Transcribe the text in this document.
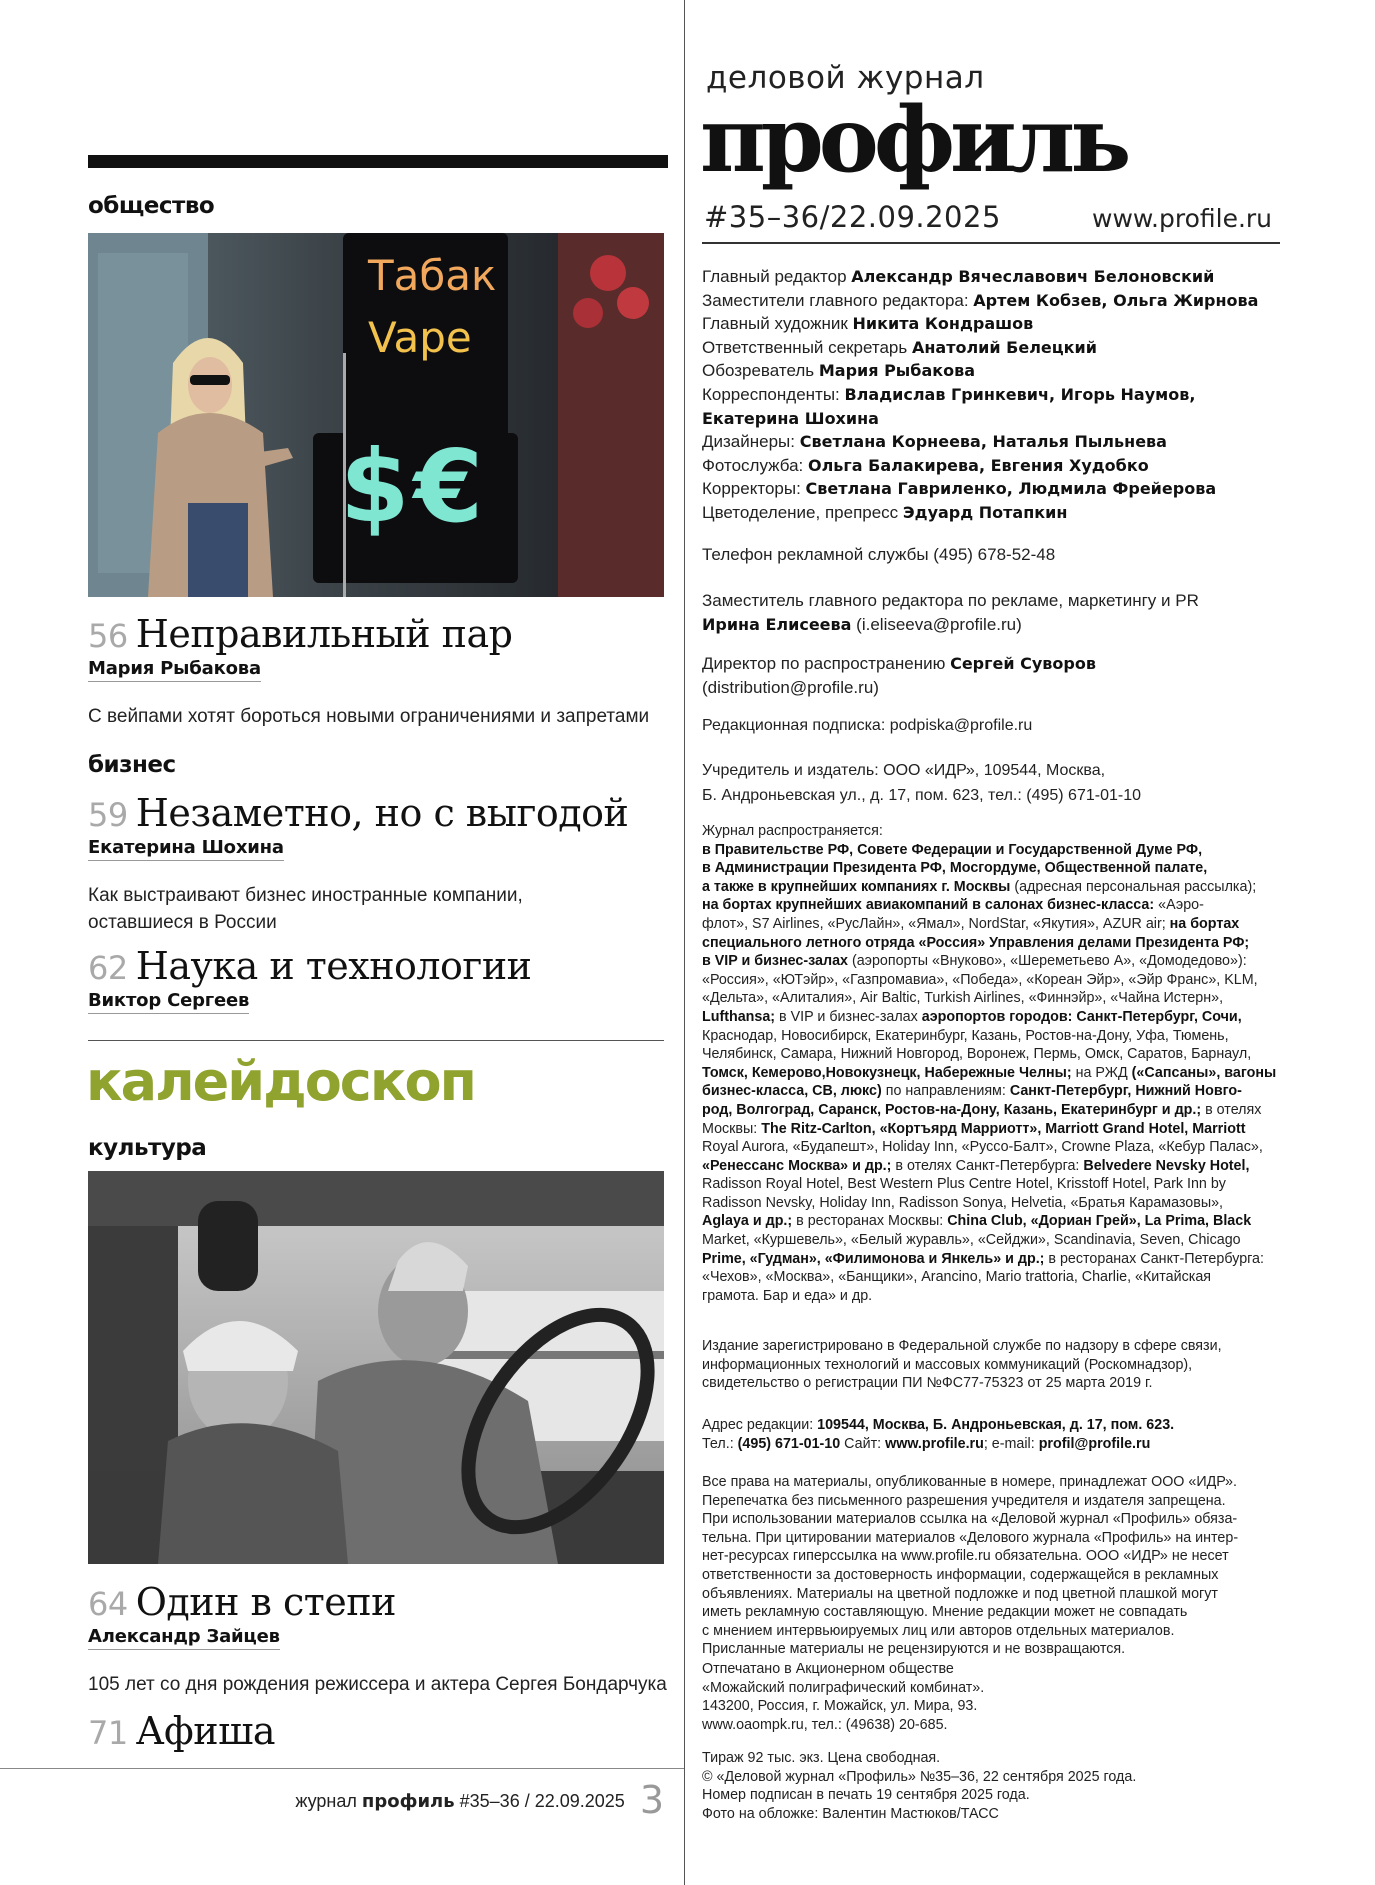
общество
Табак
Vape
$€
56 Неправильный пар
Мария Рыбакова
С вейпами хотят бороться новыми ограничениями и запретами
бизнес
59 Незаметно, но с выгодой
Екатерина Шохина
Как выстраивают бизнес иностранные компании,
оставшиеся в России
62 Наука и технологии
Виктор Сергеев
калейдоскоп
культура
64 Один в степи
Александр Зайцев
105 лет со дня рождения режиссера и актера Сергея Бондарчука
71 Афиша
журнал профиль #35–36 / 22.09.2025 3
деловой журнал
профиль
#35–36/22.09.2025	www.profile.ru
Главный редактор Александр Вячеславович Белоновский
Заместители главного редактора: Артем Кобзев, Ольга Жирнова
Главный художник Никита Кондрашов
Ответственный секретарь Анатолий Белецкий
Обозреватель Мария Рыбакова
Корреспонденты: Владислав Гринкевич, Игорь Наумов,
Екатерина Шохина
Дизайнеры: Светлана Корнеева, Наталья Пыльнева
Фотослужба: Ольга Балакирева, Евгения Худобко
Корректоры: Светлана Гавриленко, Людмила Фрейерова
Цветоделение, препресс Эдуард Потапкин
Телефон рекламной службы (495) 678-52-48
Заместитель главного редактора по рекламе, маркетингу и PR
Ирина Елисеева (i.eliseeva@profile.ru)
Директор по распространению Сергей Суворов
(distribution@profile.ru)
Редакционная подписка: podpiska@profile.ru
Учредитель и издатель: ООО «ИДР», 109544, Москва,
Б. Андроньевская ул., д. 17, пом. 623, тел.: (495) 671-01-10
Журнал распространяется:
в Правительстве РФ, Совете Федерации и Государственной Думе РФ,
в Администрации Президента РФ, Мосгордуме, Общественной палате,
а также в крупнейших компаниях г. Москвы (адресная персональная рассылка);
на бортах крупнейших авиакомпаний в салонах бизнес-класса: «Аэро-
флот», S7 Airlines, «РусЛайн», «Ямал», NordStar, «Якутия», AZUR air; на бортах
специального летного отряда «Россия» Управления делами Президента РФ;
в VIP и бизнес-залах (аэропорты «Внуково», «Шереметьево А», «Домодедово»):
«Россия», «ЮТэйр», «Газпромавиа», «Победа», «Кореан Эйр», «Эйр Франс», KLM,
«Дельта», «Алиталия», Air Baltic, Turkish Airlines, «Финнэйр», «Чайна Истерн»,
Lufthansa; в VIP и бизнес-залах аэропортов городов: Санкт-Петербург, Сочи,
Краснодар, Новосибирск, Екатеринбург, Казань, Ростов-на-Дону, Уфа, Тюмень,
Челябинск, Самара, Нижний Новгород, Воронеж, Пермь, Омск, Саратов, Барнаул,
Томск, Кемерово,Новокузнецк, Набережные Челны; на РЖД («Сапсаны», вагоны
бизнес-класса, СВ, люкс) по направлениям: Санкт-Петербург, Нижний Новго-
род, Волгоград, Саранск, Ростов-на-Дону, Казань, Екатеринбург и др.; в отелях
Москвы: The Ritz-Carlton, «Кортъярд Марриотт», Marriott Grand Hotel, Marriott
Royal Aurora, «Будапешт», Holiday Inn, «Руссо-Балт», Crowne Plaza, «Кебур Палас»,
«Ренессанс Москва» и др.; в отелях Санкт-Петербурга: Belvedere Nevsky Hotel,
Radisson Royal Hotel, Best Western Plus Centre Hotel, Krisstoff Hotel, Park Inn by
Radisson Nevsky, Holiday Inn, Radisson Sonya, Helvetia, «Братья Карамазовы»,
Aglaya и др.; в ресторанах Москвы: China Club, «Дориан Грей», La Prima, Black
Market, «Куршевель», «Белый журавль», «Сейджи», Scandinavia, Seven, Chicago
Prime, «Гудман», «Филимонова и Янкель» и др.; в ресторанах Санкт-Петербурга:
«Чехов», «Москва», «Банщики», Arancino, Mario trattoria, Charlie, «Китайская
грамота. Бар и еда» и др.
Издание зарегистрировано в Федеральной службе по надзору в сфере связи,
информационных технологий и массовых коммуникаций (Роскомнадзор),
свидетельство о регистрации ПИ №ФС77-75323 от 25 марта 2019 г.
Адрес редакции: 109544, Москва, Б. Андроньевская, д. 17, пом. 623.
Тел.: (495) 671-01-10 Сайт: www.profile.ru; e-mail: profil@profile.ru
Все права на материалы, опубликованные в номере, принадлежат ООО «ИДР».
Перепечатка без письменного разрешения учредителя и издателя запрещена.
При использовании материалов ссылка на «Деловой журнал «Профиль» обяза-
тельна. При цитировании материалов «Делового журнала «Профиль» на интер-
нет-ресурсах гиперссылка на www.profile.ru обязательна. ООО «ИДР» не несет
ответственности за достоверность информации, содержащейся в рекламных
объявлениях. Материалы на цветной подложке и под цветной плашкой могут
иметь рекламную составляющую. Мнение редакции может не совпадать
с мнением интервьюируемых лиц или авторов отдельных материалов.
Присланные материалы не рецензируются и не возвращаются.
Отпечатано в Акционерном обществе
«Можайский полиграфический комбинат».
143200, Россия, г. Можайск, ул. Мира, 93.
www.oaompk.ru, тел.: (49638) 20-685.
Тираж 92 тыс. экз. Цена свободная.
© «Деловой журнал «Профиль» №35–36, 22 сентября 2025 года.
Номер подписан в печать 19 сентября 2025 года.
Фото на обложке: Валентин Мастюков/ТАСС
